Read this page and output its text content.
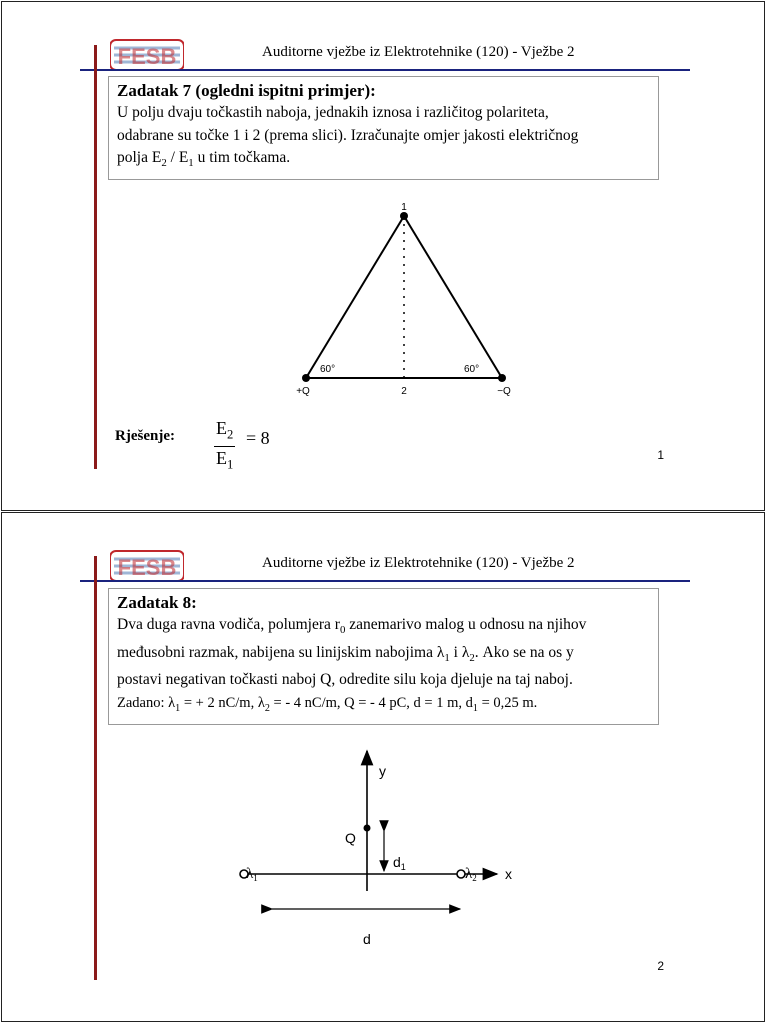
FESB	Auditorne vježbe iz Elektrotehnike (120) - Vježbe 2
Zadatak 7 (ogledni ispitni primjer):
U polju dvaju točkastih naboja, jednakih iznosa i različitog polariteta,
odabrane su točke 1 i 2 (prema slici). Izračunajte omjer jakosti električnog
polja $E_2 / E_1$ u tim točkama.
1
+Q	2	−Q
60°	60°
Rješenje: $\frac{E_2}{E_1} = 8$
1
FESB	Auditorne vježbe iz Elektrotehnike (120) - Vježbe 2
Zadatak 8:
Dva duga ravna vodiča, polumjera $r_0$ zanemarivo malog u odnosu na njihov
međusobni razmak, nabijena su linijskim nabojima $\lambda_1$ i $\lambda_2$. Ako se na os y
postavi negativan točkasti naboj Q, odredite silu koja djeluje na taj naboj.
Zadano: $\lambda_1$ = + 2 nC/m, $\lambda_2$ = - 4 nC/m, Q = - 4 pC, d = 1 m, $d_1 = 0,25$ m.
y
x
Q
$d_1$
$\lambda_1$	$\lambda_2$
d
2
